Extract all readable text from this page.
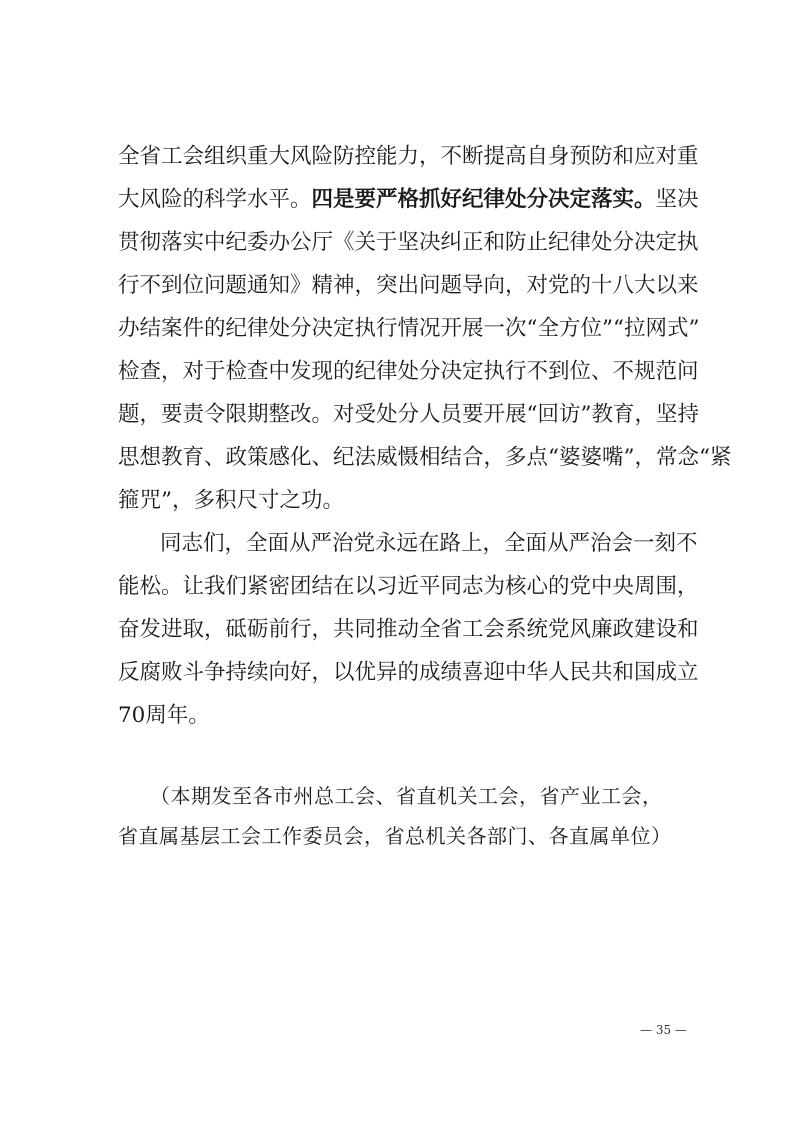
全省工会组织重大风险防控能力，不断提高自身预防和应对重
大风险的科学水平。四是要严格抓好纪律处分决定落实。坚决
贯彻落实中纪委办公厅《关于坚决纠正和防止纪律处分决定执
行不到位问题通知》精神，突出问题导向，对党的十八大以来
办结案件的纪律处分决定执行情况开展一次“全方位”“拉网式”
检查，对于检查中发现的纪律处分决定执行不到位、不规范问
题，要责令限期整改。对受处分人员要开展“回访”教育，坚持
思想教育、政策感化、纪法威慑相结合，多点“婆婆嘴”，常念“紧
箍咒”，多积尺寸之功。
同志们，全面从严治党永远在路上，全面从严治会一刻不
能松。让我们紧密团结在以习近平同志为核心的党中央周围，
奋发进取，砥砺前行，共同推动全省工会系统党风廉政建设和
反腐败斗争持续向好，以优异的成绩喜迎中华人民共和国成立
70周年。
（本期发至各市州总工会、省直机关工会，省产业工会，
省直属基层工会工作委员会，省总机关各部门、各直属单位）
— 35 —
